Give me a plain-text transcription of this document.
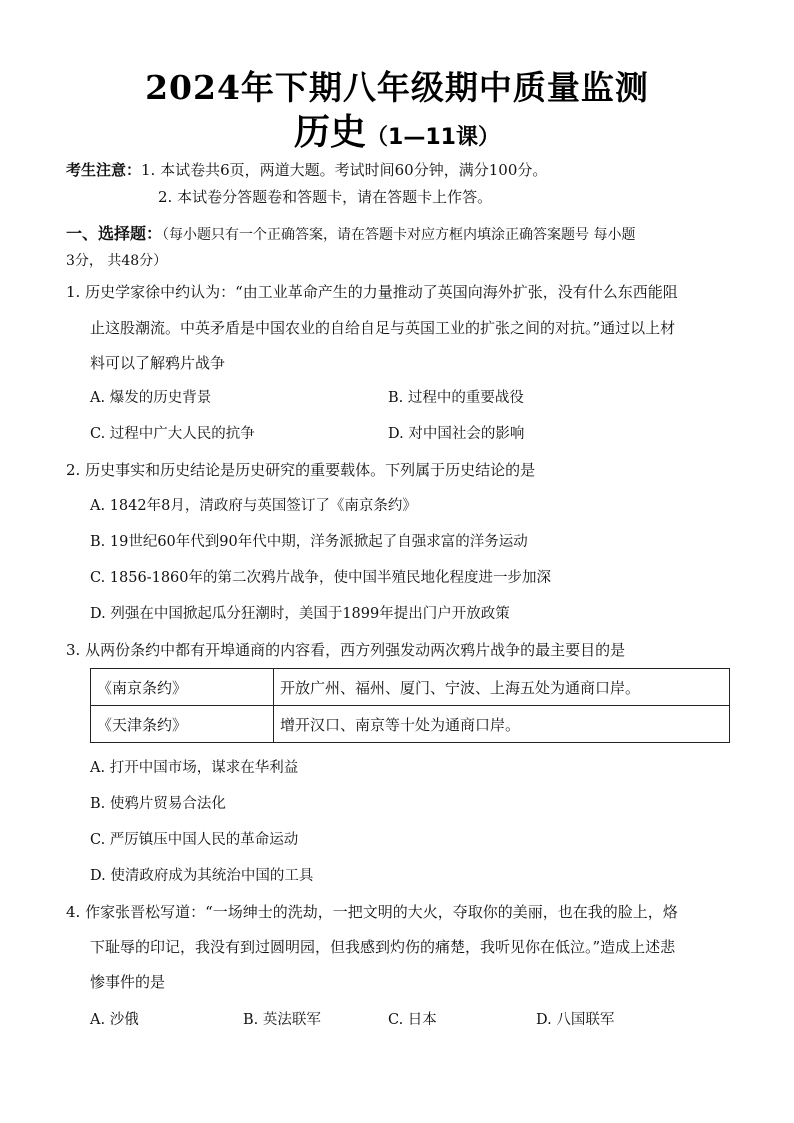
2024年下期八年级期中质量监测
历史（1—11课）
考生注意：1. 本试卷共6页，两道大题。考试时间60分钟，满分100分。
2. 本试卷分答题卷和答题卡，请在答题卡上作答。
一、选择题：（每小题只有一个正确答案，请在答题卡对应方框内填涂正确答案题号 每小题
3分， 共48分）
1. 历史学家徐中约认为：“由工业革命产生的力量推动了英国向海外扩张，没有什么东西能阻
止这股潮流。中英矛盾是中国农业的自给自足与英国工业的扩张之间的对抗。”通过以上材
料可以了解鸦片战争
A. 爆发的历史背景	B. 过程中的重要战役
C. 过程中广大人民的抗争	D. 对中国社会的影响
2. 历史事实和历史结论是历史研究的重要载体。下列属于历史结论的是
A. 1842年8月，清政府与英国签订了《南京条约》
B. 19世纪60年代到90年代中期，洋务派掀起了自强求富的洋务运动
C. 1856-1860年的第二次鸦片战争，使中国半殖民地化程度进一步加深
D. 列强在中国掀起瓜分狂潮时，美国于1899年提出门户开放政策
3. 从两份条约中都有开埠通商的内容看，西方列强发动两次鸦片战争的最主要目的是
《南京条约》	开放广州、福州、厦门、宁波、上海五处为通商口岸。
《天津条约》	增开汉口、南京等十处为通商口岸。
A. 打开中国市场，谋求在华利益
B. 使鸦片贸易合法化
C. 严厉镇压中国人民的革命运动
D. 使清政府成为其统治中国的工具
4. 作家张晋松写道：“一场绅士的洗劫，一把文明的大火，夺取你的美丽，也在我的脸上，烙
下耻辱的印记，我没有到过圆明园，但我感到灼伤的痛楚，我听见你在低泣。”造成上述悲
惨事件的是
A. 沙俄	B. 英法联军	C. 日本	D. 八国联军
